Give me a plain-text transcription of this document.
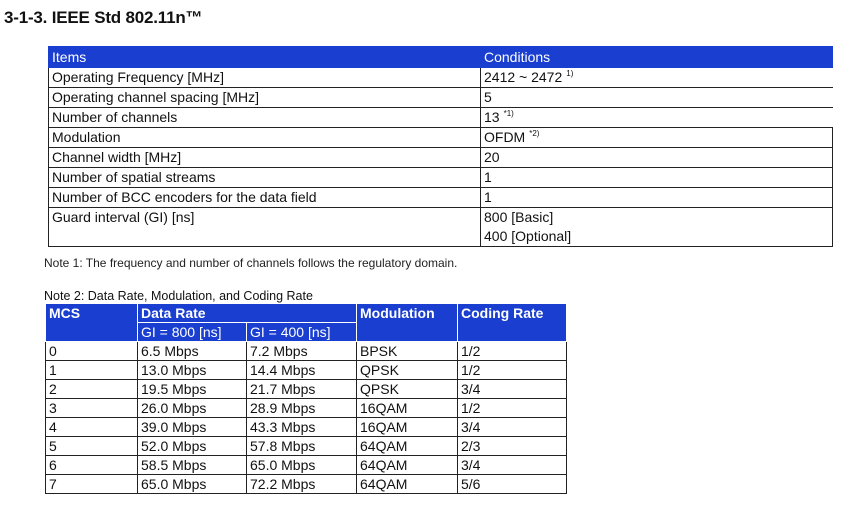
3-1-3. IEEE Std 802.11n™
Items	Conditions
Operating Frequency [MHz]	2412 ~ 2472 $^{1)}$
Operating channel spacing [MHz]	5
Number of channels	13 $^{*1)}$
Modulation	OFDM $^{*2)}$
Channel width [MHz]	20
Number of spatial streams	1
Number of BCC encoders for the data field	1
Guard interval (GI) [ns]	800 [Basic]
400 [Optional]
Note 1: The frequency and number of channels follows the regulatory domain.
Note 2: Data Rate, Modulation, and Coding Rate
MCS	Data Rate		Modulation	Coding Rate
	GI = 800 [ns]	GI = 400 [ns]		
0	6.5 Mbps	7.2 Mbps	BPSK	1/2
1	13.0 Mbps	14.4 Mbps	QPSK	1/2
2	19.5 Mbps	21.7 Mbps	QPSK	3/4
3	26.0 Mbps	28.9 Mbps	16QAM	1/2
4	39.0 Mbps	43.3 Mbps	16QAM	3/4
5	52.0 Mbps	57.8 Mbps	64QAM	2/3
6	58.5 Mbps	65.0 Mbps	64QAM	3/4
7	65.0 Mbps	72.2 Mbps	64QAM	5/6
